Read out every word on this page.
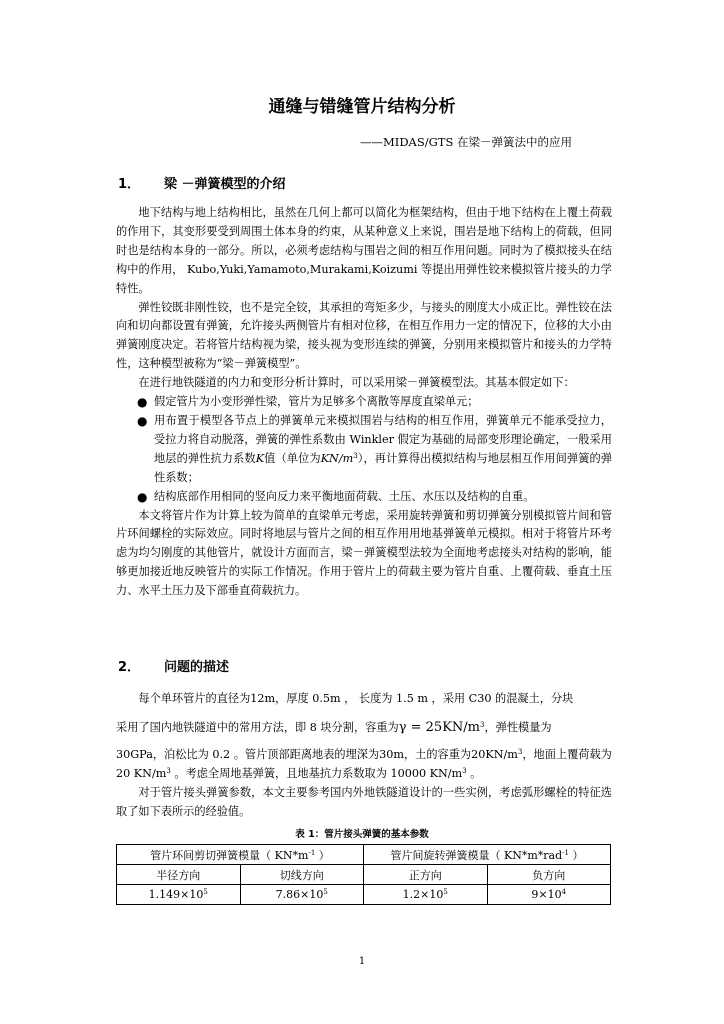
通缝与错缝管片结构分析
——MIDAS/GTS 在梁－弹簧法中的应用
1． 梁 －弹簧模型的介绍

地下结构与地上结构相比，虽然在几何上都可以简化为框架结构，但由于地下结构在上覆土荷载的作用下，其变形要受到周围土体本身的约束，从某种意义上来说，围岩是地下结构上的荷载，但同时也是结构本身的一部分。所以，必须考虑结构与围岩之间的相互作用问题。同时为了模拟接头在结构中的作用， Kubo,Yuki,Yamamoto,Murakami,Koizumi 等提出用弹性铰来模拟管片接头的力学特性。

弹性铰既非刚性铰，也不是完全铰，其承担的弯矩多少，与接头的刚度大小成正比。弹性铰在法向和切向都设置有弹簧，允许接头两侧管片有相对位移，在相互作用力一定的情况下，位移的大小由弹簧刚度决定。若将管片结构视为梁，接头视为变形连续的弹簧，分别用来模拟管片和接头的力学特性，这种模型被称为“梁－弹簧模型”。

在进行地铁隧道的内力和变形分析计算时，可以采用梁－弹簧模型法。其基本假定如下：

● 假定管片为小变形弹性梁，管片为足够多个离散等厚度直梁单元；

● 用布置于模型各节点上的弹簧单元来模拟围岩与结构的相互作用，弹簧单元不能承受拉力，受拉力将自动脱落，弹簧的弹性系数由 Winkler 假定为基础的局部变形理论确定，一般采用地层的弹性抗力系数K值（单位为$KN/m^3$），再计算得出模拟结构与地层相互作用间弹簧的弹性系数；

● 结构底部作用相同的竖向反力来平衡地面荷载、土压、水压以及结构的自重。

本文将管片作为计算上较为简单的直梁单元考虑，采用旋转弹簧和剪切弹簧分别模拟管片间和管片环间螺栓的实际效应。同时将地层与管片之间的相互作用用地基弹簧单元模拟。相对于将管片环考虑为均匀刚度的其他管片，就设计方面而言，梁－弹簧模型法较为全面地考虑接头对结构的影响，能够更加接近地反映管片的实际工作情况。作用于管片上的荷载主要为管片自重、上覆荷载、垂直土压力、水平土压力及下部垂直荷载抗力。

2． 问题的描述

每个单环管片的直径为12m，厚度 0.5m ， 长度为 1.5 m ，采用 C30 的混凝土，分块

采用了国内地铁隧道中的常用方法，即 8 块分割，容重为$\gamma = 25KN/m^3$，弹性模量为

30GPa，泊松比为 0.2 。管片顶部距离地表的埋深为30m，土的容重为$20KN/m^3$，地面上覆荷载为 20 $KN/m^3$ 。考虑全周地基弹簧，且地基抗力系数取为 10000 $KN/m^3$ 。

对于管片接头弹簧参数，本文主要参考国内外地铁隧道设计的一些实例，考虑弧形螺栓的特征选取了如下表所示的经验值。

表 1：管片接头弹簧的基本参数
管片环间剪切弹簧模量（ $KN*m^{-1}$ ）		管片间旋转弹簧模量（ KN*m*rad$^{-1}$ ）	
半径方向	切线方向	正方向	负方向
$1.149\times 10^5$	$7.86\times 10^5$	$1.2\times 10^5$	$9\times 10^4$
1
